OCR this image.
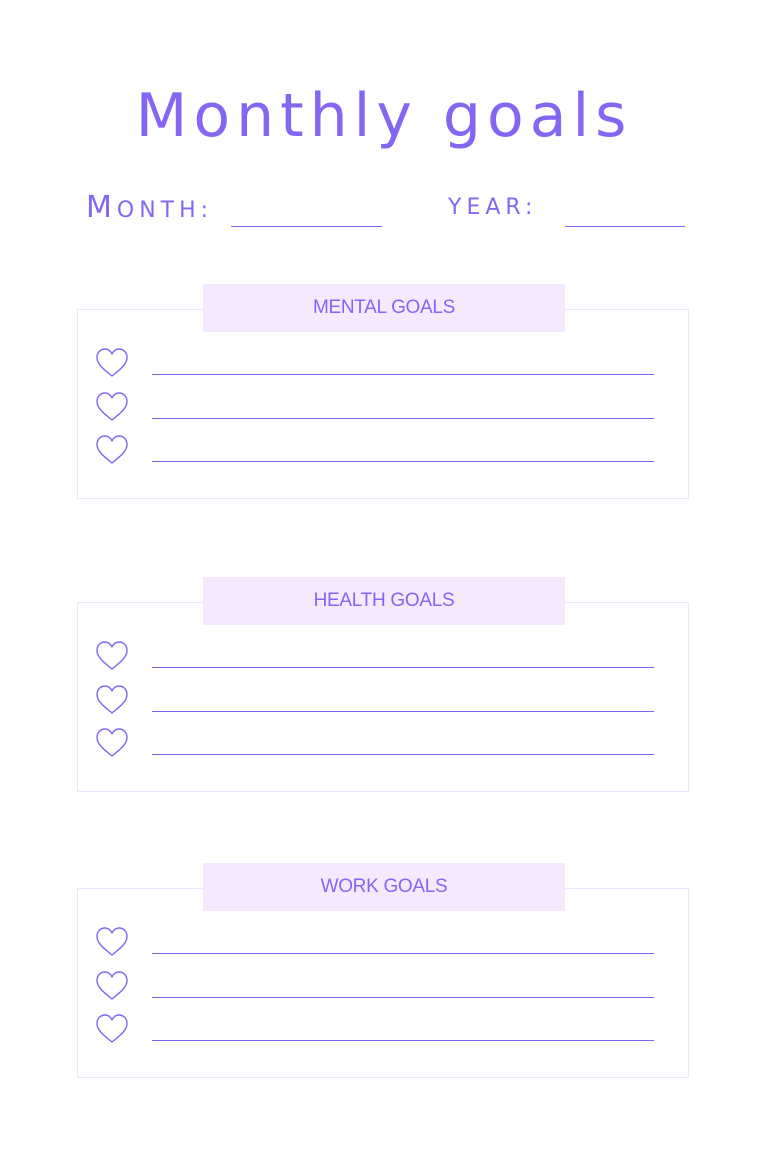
Monthly goals
MONTH:	YEAR:
MENTAL GOALS
HEALTH GOALS
WORK GOALS
